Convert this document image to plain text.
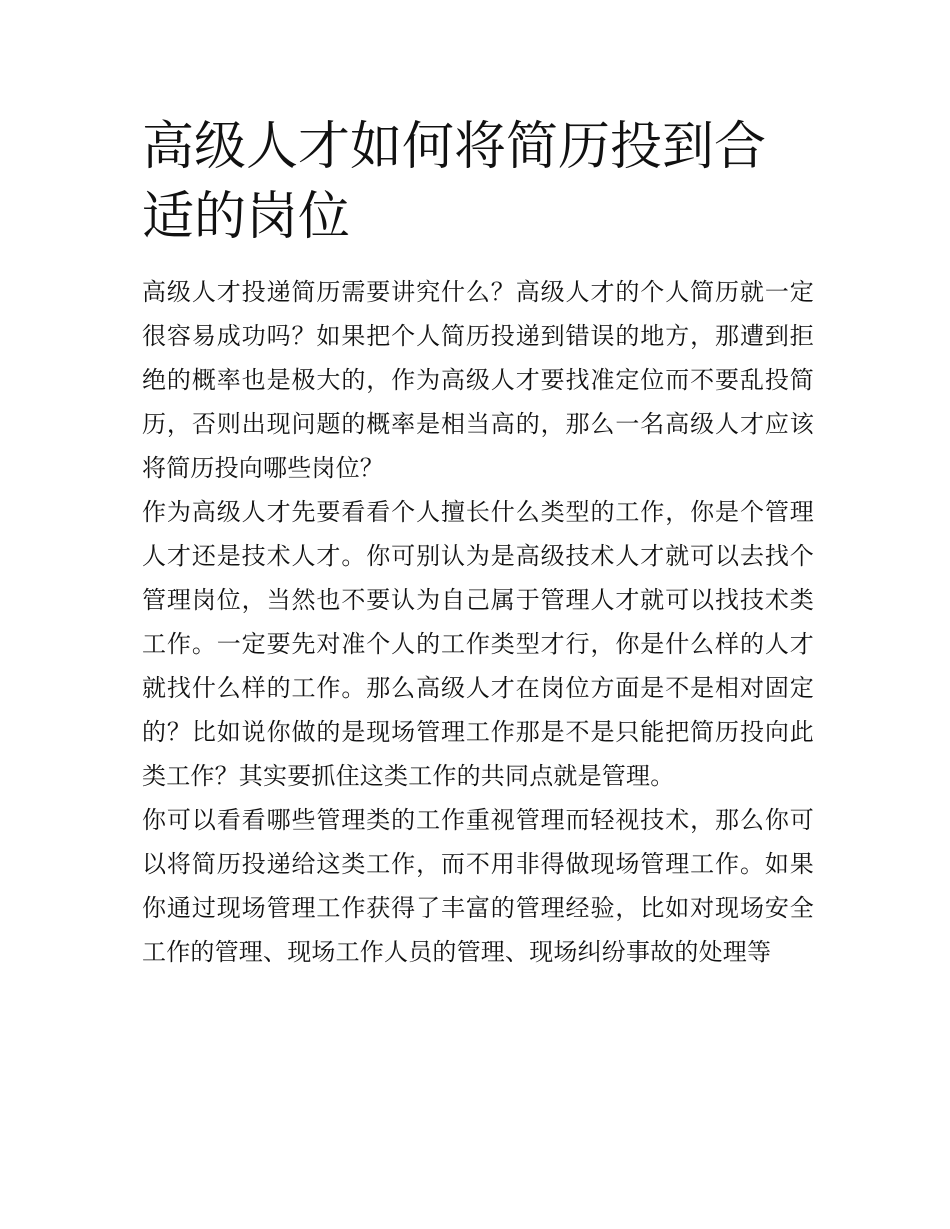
高级人才如何将简历投到合适的岗位

高级人才投递简历需要讲究什么？高级人才的个人简历就一定很容易成功吗？如果把个人简历投递到错误的地方，那遭到拒绝的概率也是极大的，作为高级人才要找准定位而不要乱投简历，否则出现问题的概率是相当高的，那么一名高级人才应该将简历投向哪些岗位？

作为高级人才先要看看个人擅长什么类型的工作，你是个管理人才还是技术人才。你可别认为是高级技术人才就可以去找个管理岗位，当然也不要认为自己属于管理人才就可以找技术类工作。一定要先对准个人的工作类型才行，你是什么样的人才就找什么样的工作。那么高级人才在岗位方面是不是相对固定的？比如说你做的是现场管理工作那是不是只能把简历投向此类工作？其实要抓住这类工作的共同点就是管理。

你可以看看哪些管理类的工作重视管理而轻视技术，那么你可以将简历投递给这类工作，而不用非得做现场管理工作。如果你通过现场管理工作获得了丰富的管理经验，比如对现场安全工作的管理、现场工作人员的管理、现场纠纷事故的处理等
